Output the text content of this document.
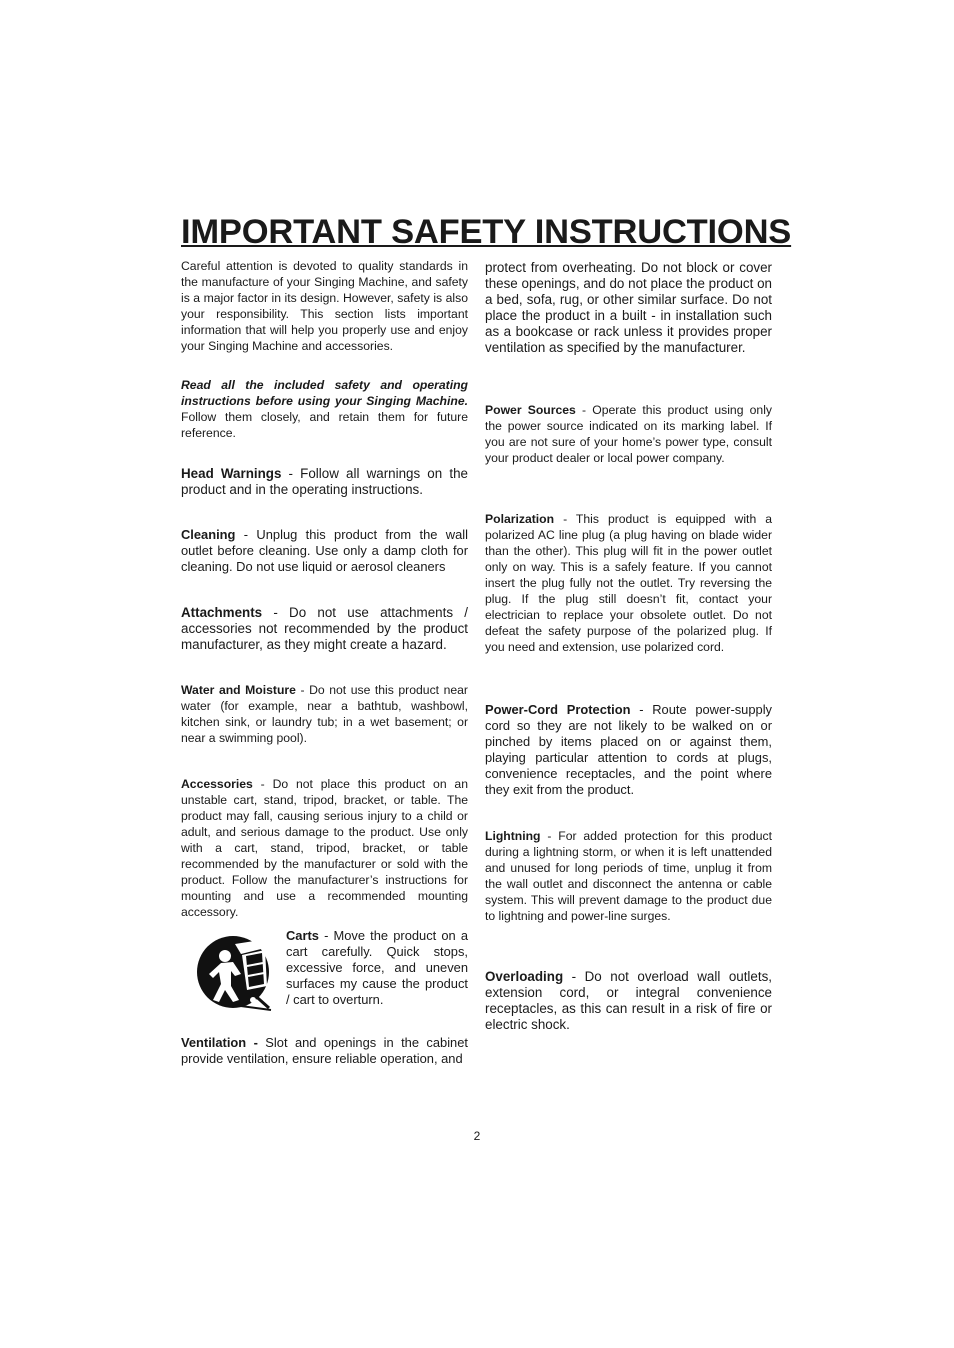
IMPORTANT SAFETY INSTRUCTIONS

Careful attention is devoted to quality standards in the manufacture of your Singing Machine, and safety is a major factor in its design. However, safety is also your responsibility. This section lists important information that will help you properly use and enjoy your Singing Machine and accessories.

Read all the included safety and operating instructions before using your Singing Machine. Follow them closely, and retain them for future reference.

Head Warnings - Follow all warnings on the product and in the operating instructions.

Cleaning - Unplug this product from the wall outlet before cleaning. Use only a damp cloth for cleaning. Do not use liquid or aerosol cleaners

Attachments - Do not use attachments / accessories not recommended by the product manufacturer, as they might create a hazard.

Water and Moisture - Do not use this product near water (for example, near a bathtub, washbowl, kitchen sink, or laundry tub; in a wet basement; or near a swimming pool).

Accessories - Do not place this product on an unstable cart, stand, tripod, bracket, or table. The product may fall, causing serious injury to a child or adult, and serious damage to the product. Use only with a cart, stand, tripod, bracket, or table recommended by the manufacturer or sold with the product. Follow the manufacturer’s instructions for mounting and use a recommended mounting accessory.

Carts - Move the product on a cart carefully. Quick stops, excessive force, and uneven surfaces my cause the product / cart to overturn.

Ventilation - Slot and openings in the cabinet provide ventilation, ensure reliable operation, and

protect from overheating. Do not block or cover these openings, and do not place the product on a bed, sofa, rug, or other similar surface. Do not place the product in a built - in installation such as a bookcase or rack unless it provides proper ventilation as specified by the manufacturer.

Power Sources - Operate this product using only the power source indicated on its marking label. If you are not sure of your home’s power type, consult your product dealer or local power company.

Polarization - This product is equipped with a polarized AC line plug (a plug having on blade wider than the other). This plug will fit in the power outlet only on way. This is a safely feature. If you cannot insert the plug fully not the outlet. Try reversing the plug. If the plug still doesn’t fit, contact your electrician to replace your obsolete outlet. Do not defeat the safety purpose of the polarized plug. If you need and extension, use polarized cord.

Power-Cord Protection - Route power-supply cord so they are not likely to be walked on or pinched by items placed on or against them, playing particular attention to cords at plugs, convenience receptacles, and the point where they exit from the product.

Lightning - For added protection for this product during a lightning storm, or when it is left unattended and unused for long periods of time, unplug it from the wall outlet and disconnect the antenna or cable system. This will prevent damage to the product due to lightning and power-line surges.

Overloading - Do not overload wall outlets, extension cord, or integral convenience receptacles, as this can result in a risk of fire or electric shock.

2
